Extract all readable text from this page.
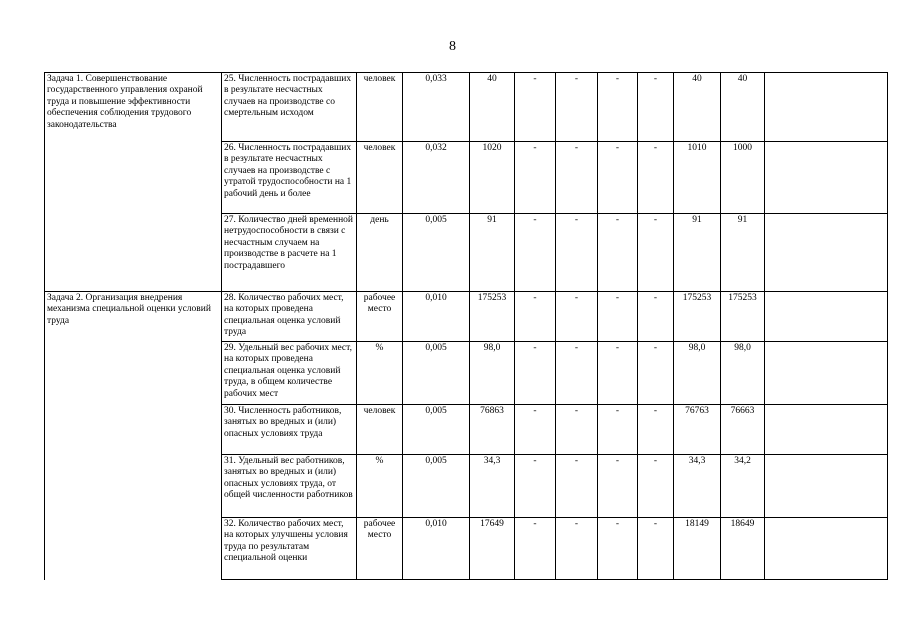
8
Задача 1. Совершенствование государственного управления охраной труда и повышение эффективности обеспечения соблюдения трудового законодательства	25. Численность пострадавших в результате несчастных случаев на производстве со смертельным исходом	человек	0,033	40	-	-	-	-	40	40	
	26. Численность пострадавших в результате несчастных случаев на производстве с утратой трудоспособности на 1 рабочий день и более	человек	0,032	1020	-	-	-	-	1010	1000	
	27. Количество дней временной нетрудоспособности в связи с несчастным случаем на производстве в расчете на 1 пострадавшего	день	0,005	91	-	-	-	-	91	91	
Задача 2. Организация внедрения механизма специальной оценки условий труда	28. Количество рабочих мест, на которых проведена специальная оценка условий труда	рабочее место	0,010	175253	-	-	-	-	175253	175253	
	29. Удельный вес рабочих мест, на которых проведена специальная оценка условий труда, в общем количестве рабочих мест	%	0,005	98,0	-	-	-	-	98,0	98,0	
	30. Численность работников, занятых во вредных и (или) опасных условиях труда	человек	0,005	76863	-	-	-	-	76763	76663	
	31. Удельный вес работников, занятых во вредных и (или) опасных условиях труда, от общей численности работников	%	0,005	34,3	-	-	-	-	34,3	34,2	
	32. Количество рабочих мест, на которых улучшены условия труда по результатам специальной оценки	рабочее место	0,010	17649	-	-	-	-	18149	18649	
